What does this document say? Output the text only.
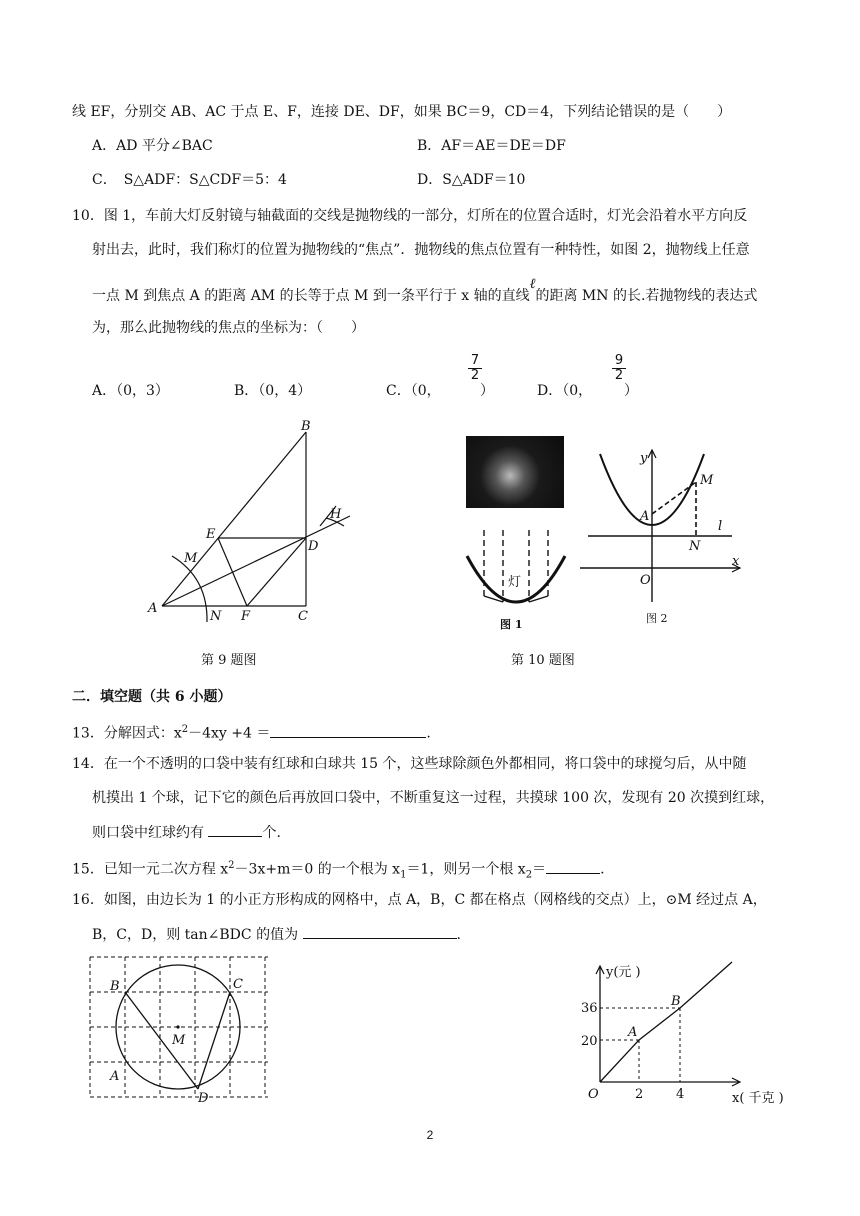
线 EF，分别交 AB、AC 于点 E、F，连接 DE、DF，如果 BC＝9，CD＝4，下列结论错误的是（　　）
A．AD 平分∠BAC	B．AF＝AE＝DE＝DF
C．　S△ADF：S△CDF＝5：4	D．S△ADF＝10
10．图 1，车前大灯反射镜与轴截面的交线是抛物线的一部分，灯所在的位置合适时，灯光会沿着水平方向反
射出去，此时，我们称灯的位置为抛物线的“焦点”．抛物线的焦点位置有一种特性，如图 2，抛物线上任意
一点 M 到焦点 A 的距离 AM 的长等于点 M 到一条平行于 x 轴的直线ℓ的距离 MN 的长.若抛物线的表达式
为，那么此抛物线的焦点的坐标为：（　　）
A．（0，3）	B．（0，4）	C．（0，
$\frac{7}{2}$
）	D．（0，
$\frac{9}{2}$
）
B
H
E
D
M
A
N F	C
第 9 题图
灯
图 1
y
M
A
l
N
x
O
图 2
第 10 题图
二．填空题（共 6 小题）
13．分解因式：$x^2-4xy +4$ ＝	.
14．在一个不透明的口袋中装有红球和白球共 15 个，这些球除颜色外都相同，将口袋中的球搅匀后，从中随
机摸出 1 个球，记下它的颜色后再放回口袋中，不断重复这一过程，共摸球 100 次，发现有 20 次摸到红球，
则口袋中红球约有	个.
15．已知一元二次方程 $x^2-3x+m=0$ 的一个根为 $x_1=1$，则另一个根 $x_2=$	.
16．如图，由边长为 1 的小正方形构成的网格中，点 A，B，C 都在格点（网格线的交点）上，⊙M 经过点 A，
B，C，D，则 tan∠BDC 的值为	.
B	C
M
A
D
y(元 )
36
20
2	4
O	x( 千克 )
A
B
2
